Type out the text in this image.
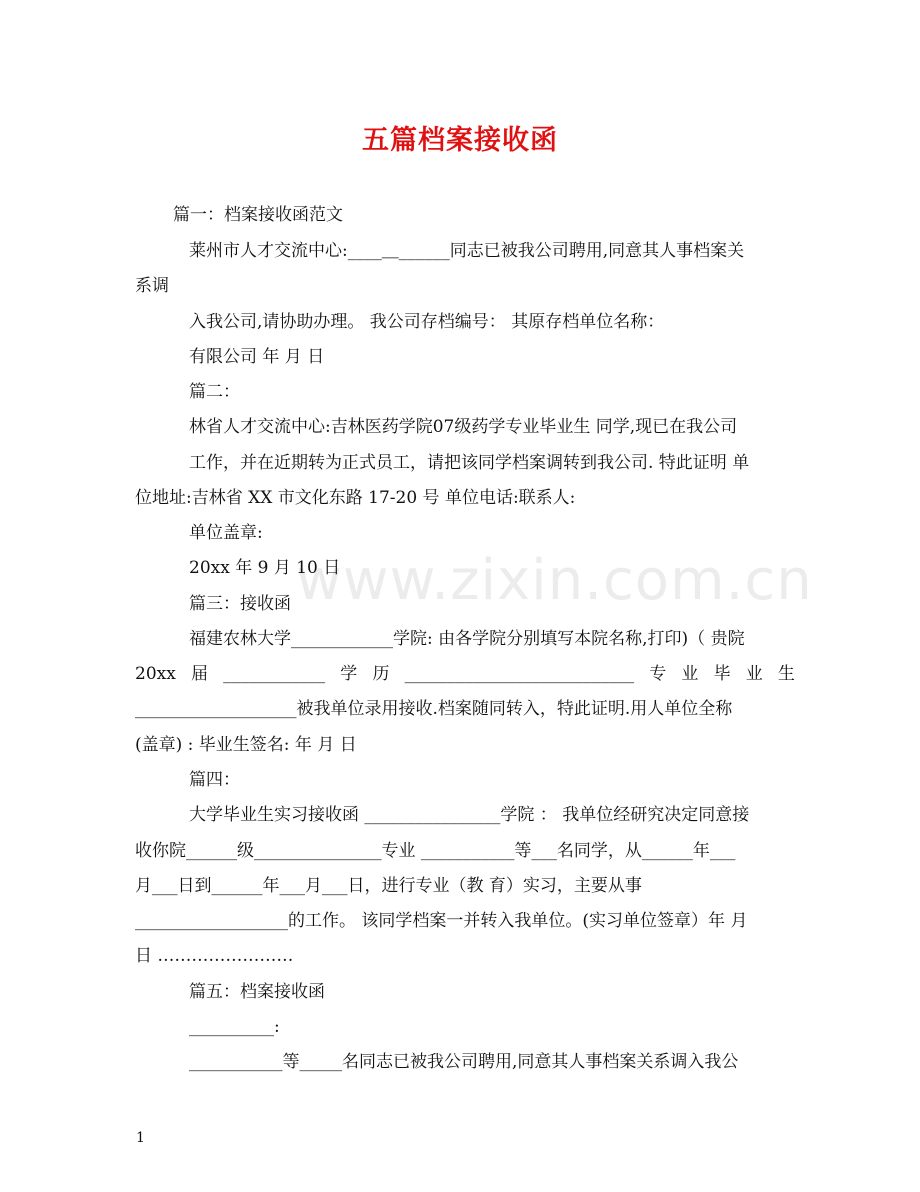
www.zixin.com.cn
五篇档案接收函
篇一：档案接收函范文
莱州市人才交流中心:____＿______同志已被我公司聘用,同意其人事档案关
系调
入我公司,请协助办理。 我公司存档编号： 其原存档单位名称：
有限公司 年 月 日
篇二：
林省人才交流中心:吉林医药学院07级药学专业毕业生 同学,现已在我公司
工作，并在近期转为正式员工，请把该同学档案调转到我公司. 特此证明 单
位地址:吉林省 XX 市文化东路 17-20 号 单位电话:联系人:
单位盖章:
20xx 年 9 月 10 日
篇三：接收函
福建农林大学____________学院: 由各学院分别填写本院名称,打印)（ 贵院
20xx 届 ____________ 学 历 ___________________________ 专 业 毕 业 生
___________________被我单位录用接收.档案随同转入，特此证明.用人单位全称
(盖章) : 毕业生签名: 年 月 日
篇四：
大学毕业生实习接收函 ________________学院 ： 我单位经研究决定同意接
收你院______级_______________专业 ___________等___名同学，从______年___
月___日到______年___月___日，进行专业（教 育）实习，主要从事
__________________的工作。 该同学档案一并转入我单位。(实习单位签章）年 月
日 ……………………
篇五：档案接收函
__________:
___________等_____名同志已被我公司聘用,同意其人事档案关系调入我公
1
